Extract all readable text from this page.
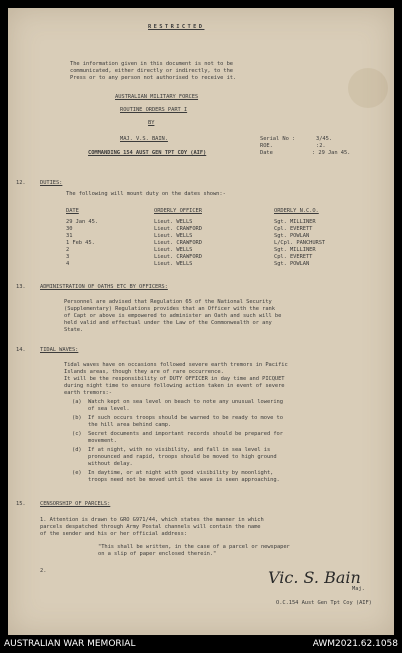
RESTRICTED
The information given in this document is not to be
communicated, either directly or indirectly, to the
Press or to any person not authorised to receive it.
AUSTRALIAN MILITARY FORCES
ROUTINE ORDERS PART I
BY
MAJ. V.S. BAIN.
COMMANDING 154 AUST GEN TPT COY (AIF)
Serial No :	3/45.
ROE.	:2.
Date	: 29 Jan 45.
12.	DUTIES:
The following will mount duty on the dates shown:-
DATE	ORDERLY OFFICER	ORDERLY N.C.O.
29 Jan 45.	Lieut. WELLS	Sgt. MILLINER
30	Lieut. CRAWFORD	Cpl. EVERETT
31	Lieut. WELLS	Sgt. POWLAN
1 Feb 45.	Lieut. CRAWFORD	L/Cpl. PANCHURST
2	Lieut. WELLS	Sgt. MILLINER
3	Lieut. CRAWFORD	Cpl. EVERETT
4	Lieut. WELLS	Sgt. POWLAN
13.	ADMINISTRATION OF OATHS ETC BY OFFICERS:
Personnel are advised that Regulation 65 of the National Security
(Supplementary) Regulations provides that an Officer with the rank
of Capt or above is empowered to administer an Oath and such will be
held valid and effectual under the Law of the Commonwealth or any
State.
14.	TIDAL WAVES:
Tidal waves have on occasions followed severe earth tremors in Pacific
Islands areas, though they are of rare occurrence.
It will be the responsibility of DUTY OFFICER in day time and PICQUET
during night time to ensure following action taken in event of severe
earth tremors:-
(a) Watch kept on sea level on beach to note any unusual lowering
of sea level.
(b) If such occurs troops should be warned to be ready to move to
the hill area behind camp.
(c) Secret documents and important records should be prepared for
movement.
(d) If at night, with no visibility, and fall in sea level is
pronounced and rapid, troops should be moved to high ground
without delay.
(e) In daytime, or at night with good visibility by moonlight,
troops need not be moved until the wave is seen approaching.
15.	CENSORSHIP OF PARCELS:
1. Attention is drawn to GRO G971/44, which states the manner in which
parcels despatched through Army Postal channels will contain the name
of the sender and his or her official address:
"This shall be written, in the case of a parcel or newspaper
on a slip of paper enclosed therein."
2.	Vic. S. Bain
Maj.
O.C.154 Aust Gen Tpt Coy (AIF)
AUSTRALIAN WAR MEMORIAL	AWM2021.62.1058
